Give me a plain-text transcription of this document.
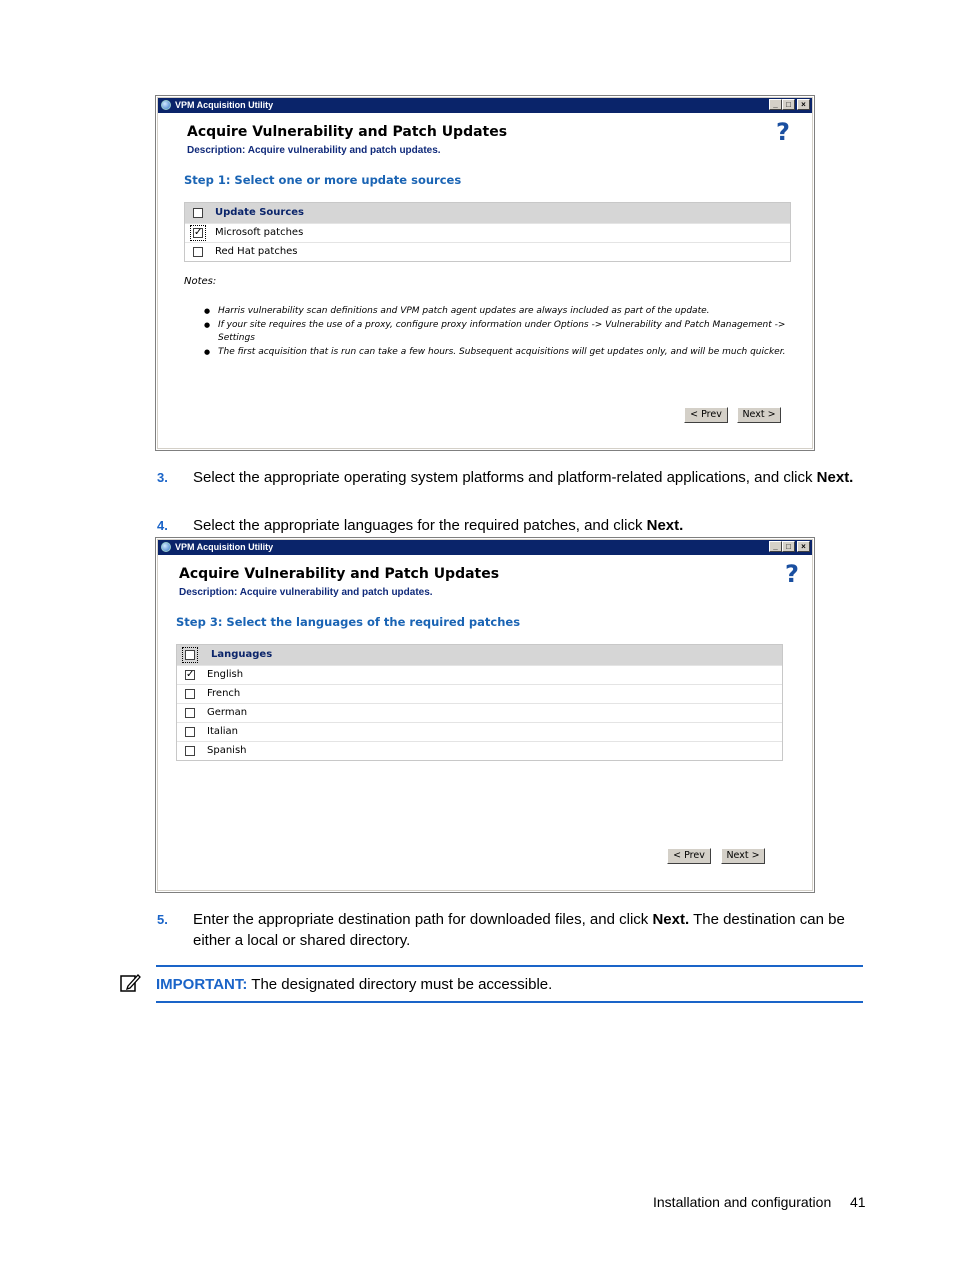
VPM Acquisition Utility	_	□	×
Acquire Vulnerability and Patch Updates
Description: Acquire vulnerability and patch updates.
?
Step 1: Select one or more update sources
Update Sources
✓ Microsoft patches
Red Hat patches
Notes:
● Harris vulnerability scan definitions and VPM patch agent updates are always included as part of the update.
● If your site requires the use of a proxy, configure proxy information under Options -> Vulnerability and Patch Management -> Settings
● The first acquisition that is run can take a few hours. Subsequent acquisitions will get updates only, and will be much quicker.
< Prev	Next >
3. Select the appropriate operating system platforms and platform-related applications, and click Next.
4. Select the appropriate languages for the required patches, and click Next.
VPM Acquisition Utility	_	□	×
Acquire Vulnerability and Patch Updates
Description: Acquire vulnerability and patch updates.
?
Step 3: Select the languages of the required patches
Languages
✓ English
French
German
Italian
Spanish
< Prev	Next >
5. Enter the appropriate destination path for downloaded files, and click Next. The destination can be either a local or shared directory.
IMPORTANT: The designated directory must be accessible.
Installation and configuration 41
